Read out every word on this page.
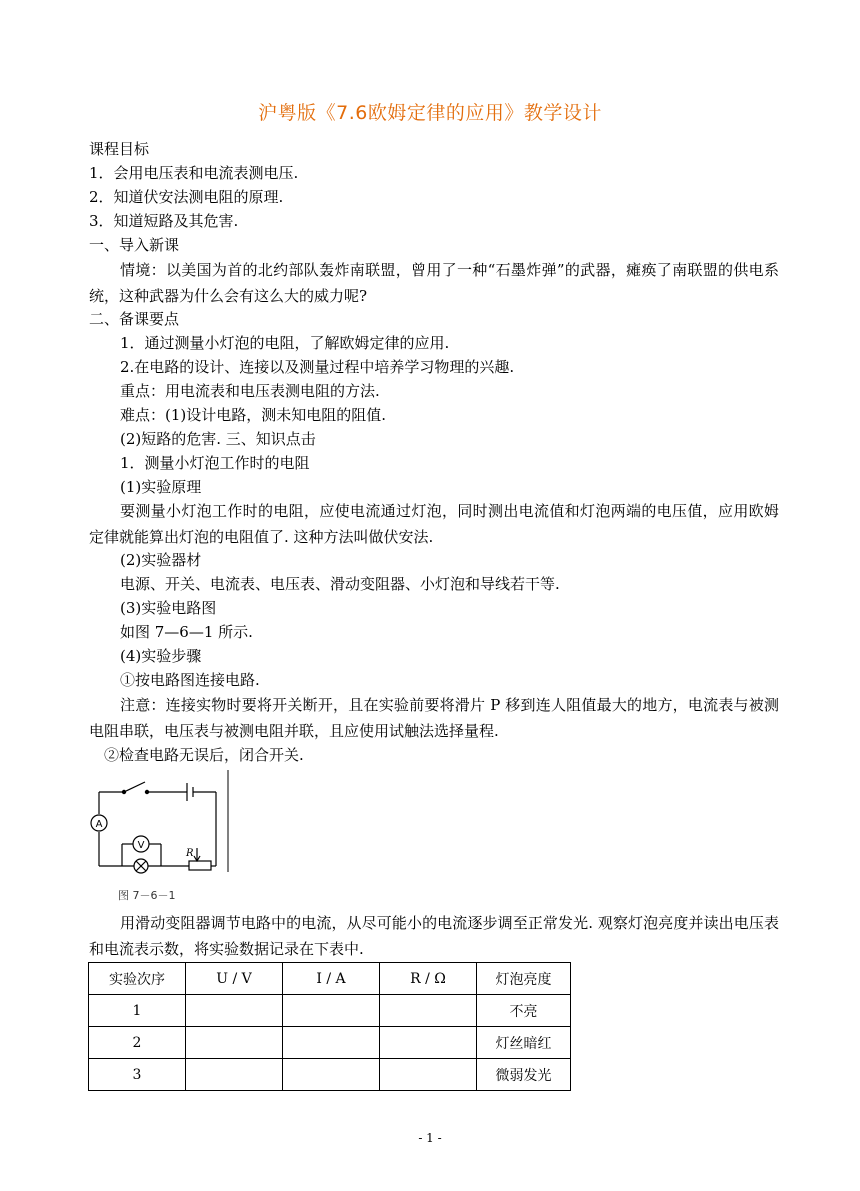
沪粤版《7.6欧姆定律的应用》教学设计
课程目标
1．会用电压表和电流表测电压.
2．知道伏安法测电阻的原理.
3．知道短路及其危害.
一、导入新课
情境：以美国为首的北约部队轰炸南联盟，曾用了一种“石墨炸弹”的武器，瘫痪了南联盟的供电系统，这种武器为什么会有这么大的威力呢?
二、备课要点
1．通过测量小灯泡的电阻，了解欧姆定律的应用.
2.在电路的设计、连接以及测量过程中培养学习物理的兴趣.
重点：用电流表和电压表测电阻的方法.
难点：(1)设计电路，测未知电阻的阻值.
(2)短路的危害. 三、知识点击
1．测量小灯泡工作时的电阻
(1)实验原理
要测量小灯泡工作时的电阻，应使电流通过灯泡，同时测出电流值和灯泡两端的电压值，应用欧姆定律就能算出灯泡的电阻值了. 这种方法叫做伏安法.
(2)实验器材
电源、开关、电流表、电压表、滑动变阻器、小灯泡和导线若干等.
(3)实验电路图
如图 7—6—1 所示.
(4)实验步骤
①按电路图连接电路.
注意：连接实物时要将开关断开，且在实验前要将滑片 P 移到连人阻值最大的地方，电流表与被测电阻串联，电压表与被测电阻并联，且应使用试触法选择量程.
②检查电路无误后，闭合开关.
A
V
R
图 7－6－1
用滑动变阻器调节电路中的电流，从尽可能小的电流逐步调至正常发光. 观察灯泡亮度并读出电压表和电流表示数，将实验数据记录在下表中.
实验次序	U / V	I / A	R / Ω	灯泡亮度
1				不亮
2				灯丝暗红
3				微弱发光
- 1 -
